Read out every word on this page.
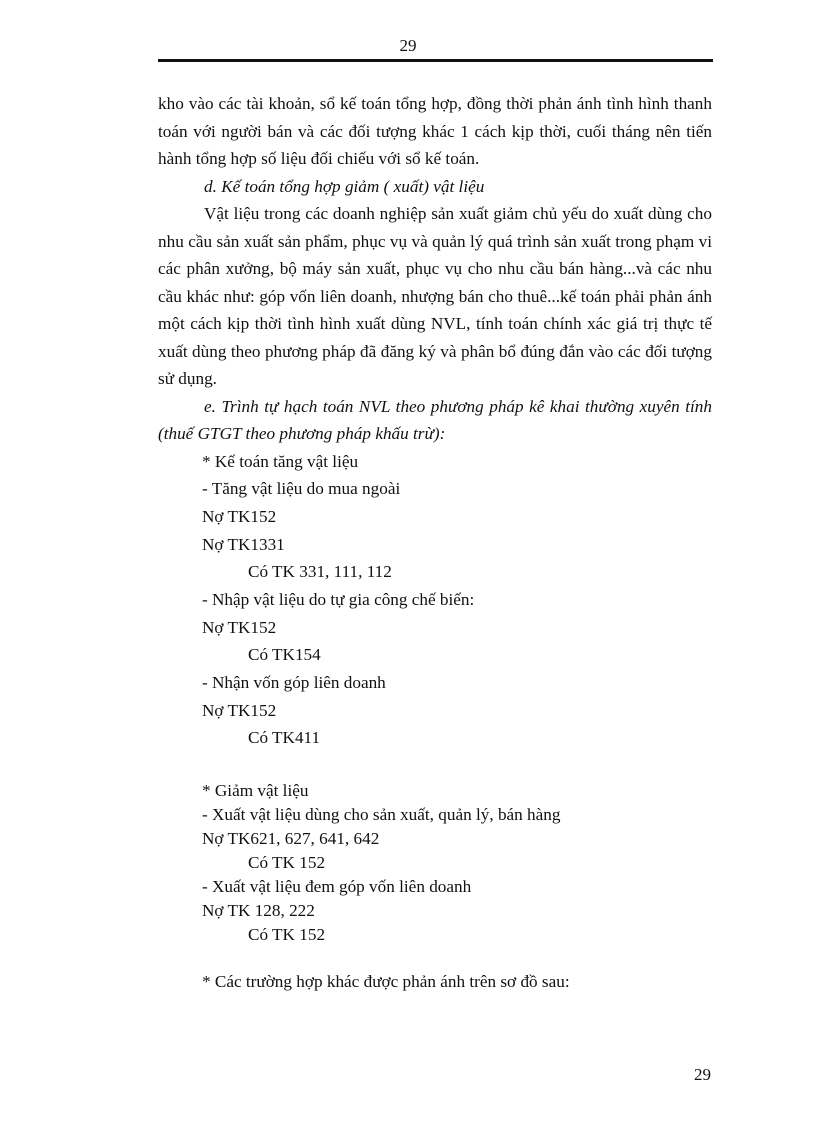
29

kho vào các tài khoản, sổ kế toán tổng hợp, đồng thời phản ánh tình hình thanh toán với người bán và các đối tượng khác 1 cách kịp thời, cuối tháng nên tiến hành tổng hợp số liệu đối chiếu với sổ kế toán.

d. Kế toán tổng hợp giảm ( xuất) vật liệu

Vật liệu trong các doanh nghiệp sản xuất giảm chủ yếu do xuất dùng cho nhu cầu sản xuất sản phẩm, phục vụ và quản lý quá trình sản xuất trong phạm vi các phân xưởng, bộ máy sản xuất, phục vụ cho nhu cầu bán hàng...và các nhu cầu khác như: góp vốn liên doanh, nhượng bán cho thuê...kế toán phải phản ánh một cách kịp thời tình hình xuất dùng NVL, tính toán chính xác giá trị thực tế xuất dùng theo phương pháp đã đăng ký và phân bổ đúng đắn vào các đối tượng sử dụng.

e. Trình tự hạch toán NVL theo phương pháp kê khai thường xuyên tính (thuế GTGT theo phương pháp khấu trừ):

* Kế toán tăng vật liệu
- Tăng vật liệu do mua ngoài
Nợ TK152
Nợ TK1331
Có TK 331, 111, 112
- Nhập vật liệu do tự gia công chế biến:
Nợ TK152
Có TK154
- Nhận vốn góp liên doanh
Nợ TK152
Có TK411
* Giảm vật liệu
- Xuất vật liệu dùng cho sản xuất, quản lý, bán hàng
Nợ TK621, 627, 641, 642
Có TK 152
- Xuất vật liệu đem góp vốn liên doanh
Nợ TK 128, 222
Có TK 152
* Các trường hợp khác được phản ánh trên sơ đồ sau:
29
